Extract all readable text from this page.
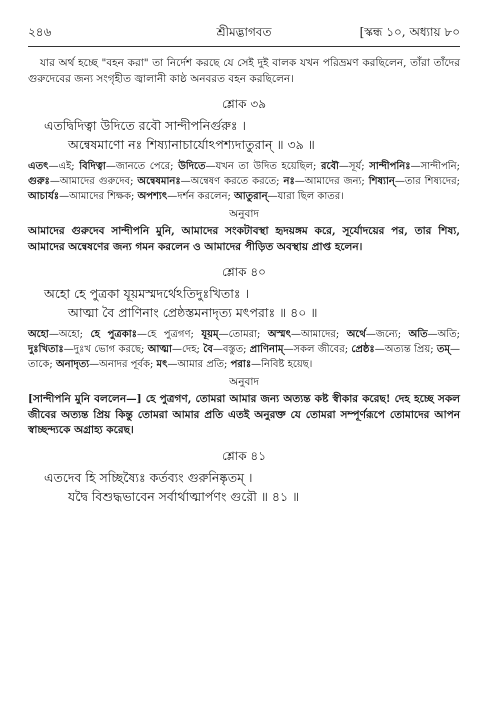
২৪৬	শ্রীমদ্ভাগবত	[স্কন্ধ ১০, অধ্যায় ৮০

যার অর্থ হচ্ছে "বহন করা" তা নির্দেশ করছে যে সেই দুই বালক যখন পরিভ্রমণ করছিলেন, তাঁরা তাঁদের গুরুদেবের জন্য সংগৃহীত জ্বালানী কাষ্ঠ অনবরত বহন করছিলেন।

শ্লোক ৩৯
এতদ্বিদিত্বা উদিতে রবৌ সান্দীপনির্গুরুঃ ।
অন্বেষমাণো নঃ শিষ্যানাচার্যোঽপশ্যদাতুরান্ ॥ ৩৯ ॥

এতৎ—এই; বিদিত্বা—জানতে পেরে; উদিতে—যখন তা উদিত হয়েছিল; রবৌ—সূর্য; সান্দীপনিঃ—সান্দীপনি; গুরুঃ—আমাদের গুরুদেব; অন্বেষমানঃ—অন্বেষণ করতে করতে; নঃ—আমাদের জন্য; শিষ্যান্—তার শিষ্যদের; আচার্যঃ—আমাদের শিক্ষক; অপশ্যৎ—দর্শন করলেন; আতুরান্—যারা ছিল কাতর।

অনুবাদ

আমাদের গুরুদেব সান্দীপনি মুনি, আমাদের সংকটাবস্থা হৃদয়ঙ্গম করে, সূর্যোদয়ের পর, তার শিষ্য, আমাদের অন্বেষণের জন্য গমন করলেন ও আমাদের পীড়িত অবস্থায় প্রাপ্ত হলেন।

শ্লোক ৪০
অহো হে পুত্রকা যূয়মস্মদর্থেঽতিদুঃখিতাঃ ।
আত্মা বৈ প্রাণিনাং প্রেষ্ঠস্তমনাদৃত্য মৎপরাঃ ॥ ৪০ ॥

অহো—অহো; হে পুত্রকাঃ—হে পুত্রগণ; যূয়ম্—তোমরা; অস্মৎ—আমাদের; অর্থে—জন্যে; অতি—অতি; দুঃখিতাঃ—দুঃখ ভোগ করছে; আত্মা—দেহ; বৈ—বস্তুত; প্রাণিনাম্—সকল জীবের; প্রেষ্ঠঃ—অত্যন্ত প্রিয়; তম্—তাকে; অনাদৃত্য—অনাদর পূর্বক; মৎ—আমার প্রতি; পরাঃ—নিবিষ্ট হয়েছ।

অনুবাদ

[সান্দীপনি মুনি বললেন—] হে পুত্রগণ, তোমরা আমার জন্য অত্যন্ত কষ্ট স্বীকার করেছ! দেহ হচ্ছে সকল জীবের অত্যন্ত প্রিয় কিন্তু তোমরা আমার প্রতি এতই অনুরক্ত যে তোমরা সম্পূর্ণরূপে তোমাদের আপন স্বাচ্ছন্দ্যকে অগ্রাহ্য করেছ।

শ্লোক ৪১
এতদেব হি সচ্ছিষ্যৈঃ কর্তব্যং গুরুনিষ্কৃতম্ ।
যদ্বৈ বিশুদ্ধভাবেন সর্বার্থাত্মার্পণং গুরৌ ॥ ৪১ ॥
